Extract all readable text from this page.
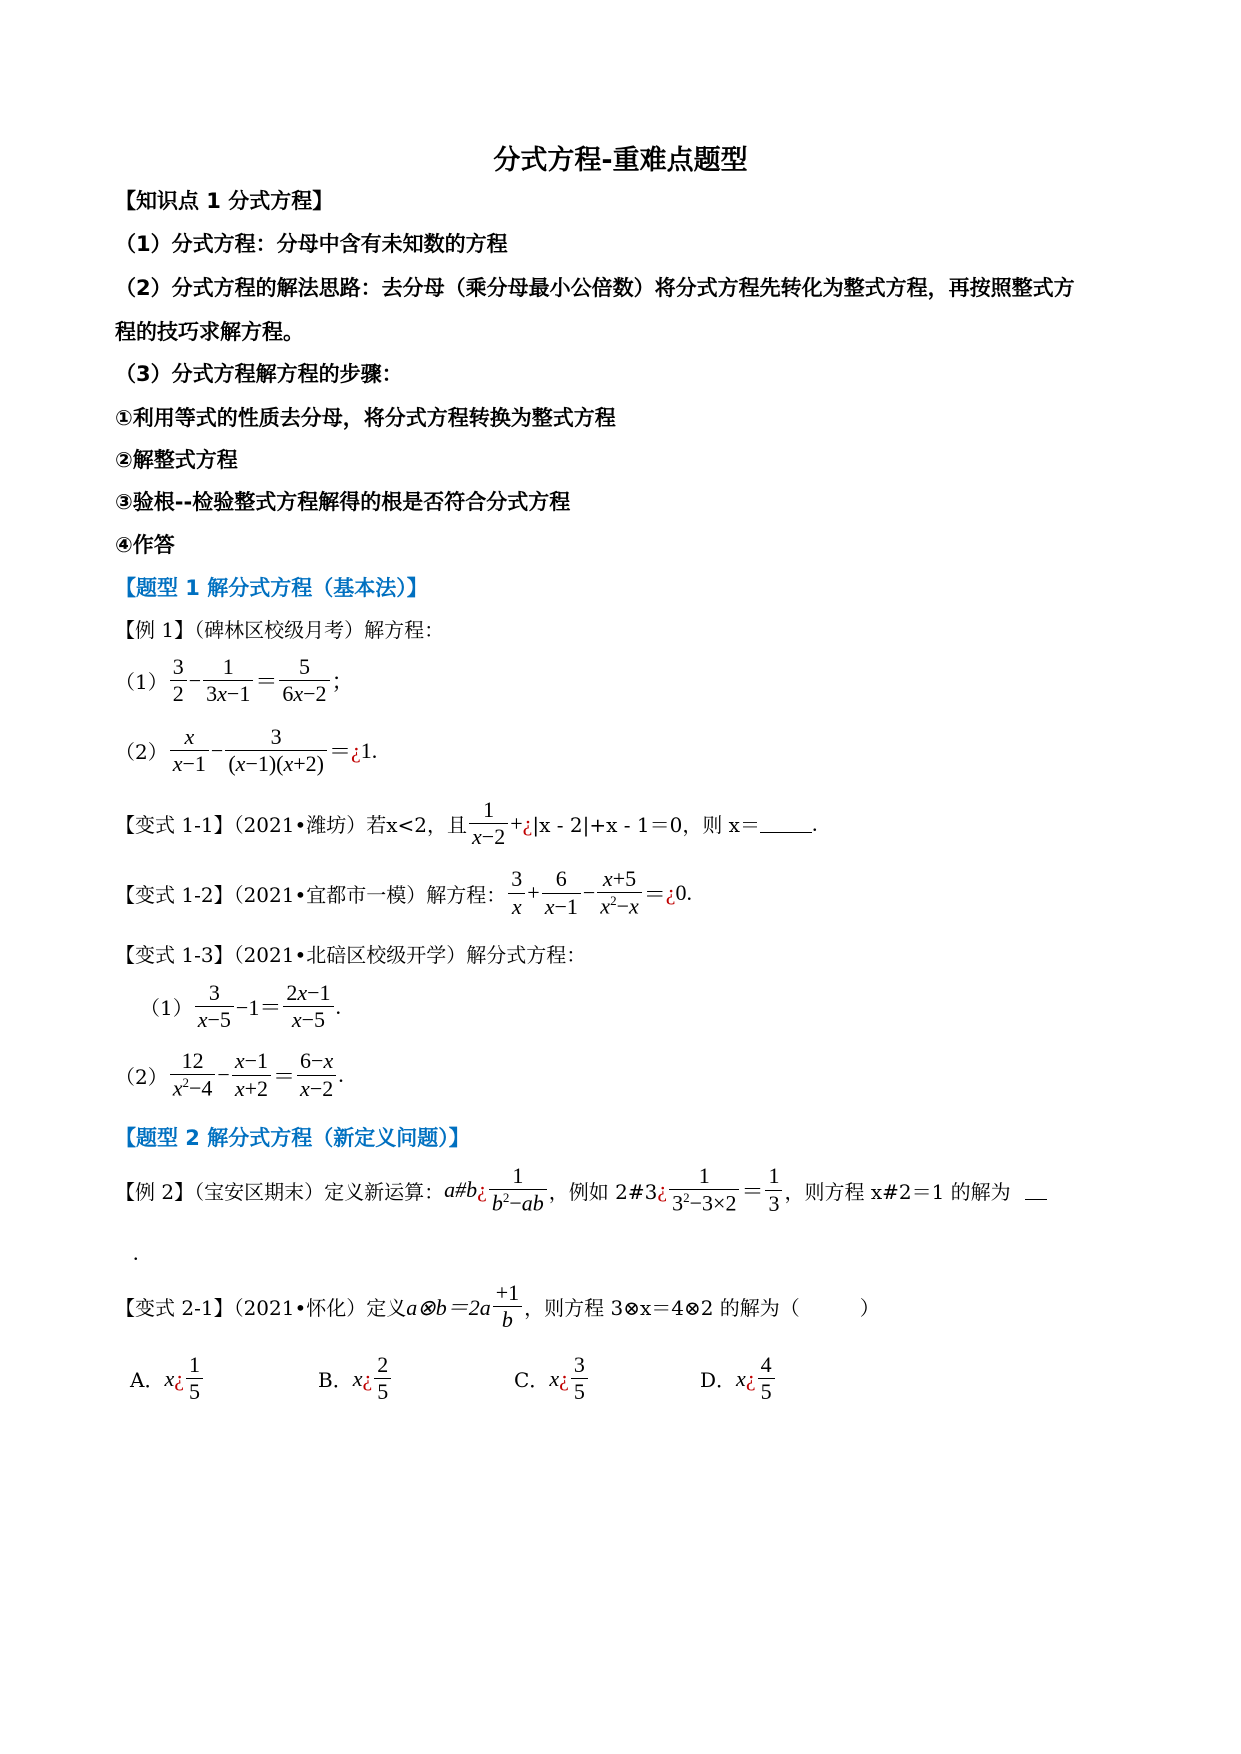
分式方程-重难点题型
【知识点 1 分式方程】
（1）分式方程：分母中含有未知数的方程
（2）分式方程的解法思路：去分母（乘分母最小公倍数）将分式方程先转化为整式方程，再按照整式方
程的技巧求解方程。
（3）分式方程解方程的步骤：
①利用等式的性质去分母，将分式方程转换为整式方程
②解整式方程
③验根--检验整式方程解得的根是否符合分式方程
④作答
【题型 1 解分式方程（基本法）】
【例 1】（碑林区校级月考）解方程：
$(1) \frac{3}{2} - \frac{1}{3x-1} = \frac{5}{6x-2}$ ；
$(2) \frac{x}{x-1} - \frac{3}{(x-1)(x+2)}$ ＝ ¿ 1.
【变式 1-1】（2021•潍坊）若 x<2，且 $\frac{1}{x-2}$ + ¿ |x - 2|+x - 1＝0，则 x＝ .
【变式 1-2】（2021•宜都市一模）解方程： $\frac{3}{x} + \frac{6}{x-1} - \frac{x+5}{x^2-x}$ ＝ ¿ 0.
【变式 1-3】（2021•北碚区校级开学）解分式方程：
$(1) \frac{3}{x-5} -1= \frac{2x-1}{x-5}$ .
$(2) \frac{12}{x^2-4} - \frac{x-1}{x+2} = \frac{6-x}{x-2}$ .
【题型 2 解分式方程（新定义问题）】
【例 2】（宝安区期末）定义新运算： a#b ¿ $\frac{1}{b^2-ab}$ ，例如 2#3 ¿ $\frac{1}{3^2-3\times 2} = \frac{1}{3}$ ，则方程 x#2＝1 的解为
.
【变式 2-1】（2021•怀化）定义 a⊗b＝2a $\frac{+1}{b}$ ，则方程 3⊗x＝4⊗2 的解为（　　　）
A． x ¿ $\frac{1}{5}$	B． x ¿ $\frac{2}{5}$	C． x ¿ $\frac{3}{5}$	D． x ¿ $\frac{4}{5}$
